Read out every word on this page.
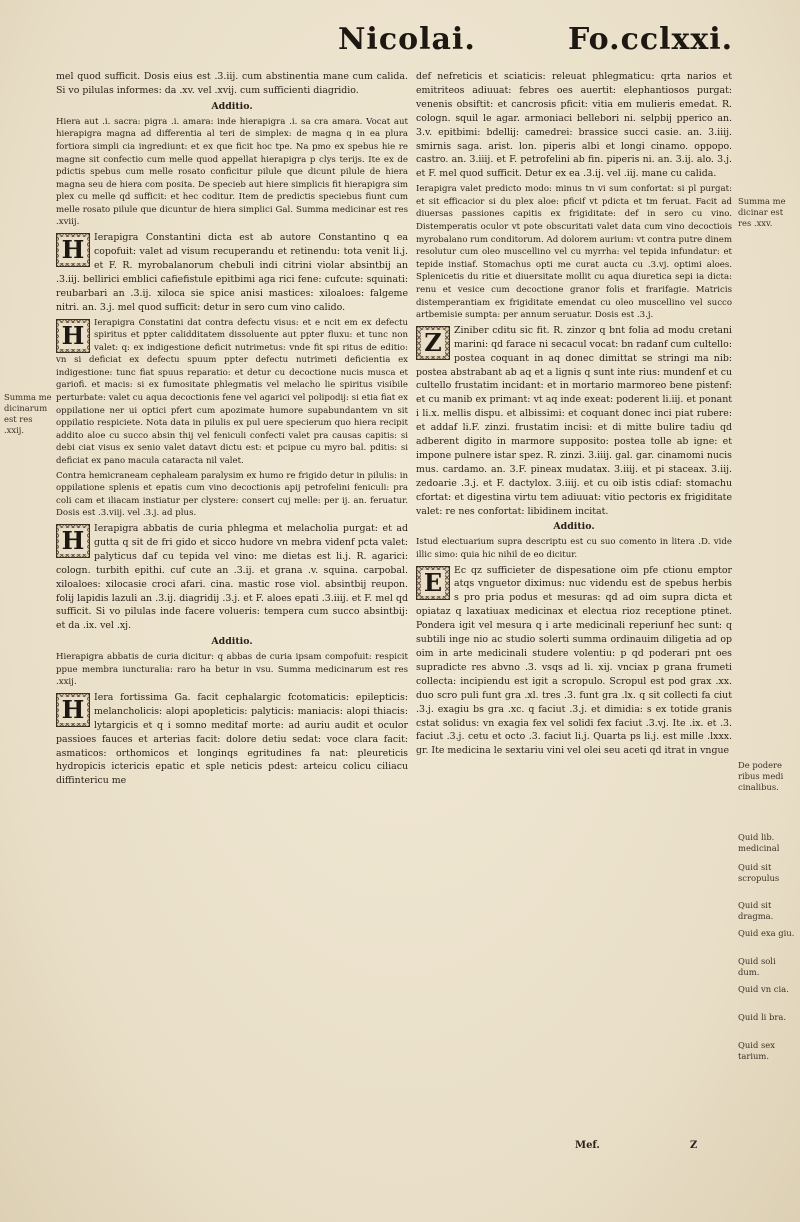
Nicolai.	Fo.cclxxi.

mel quod sufficit. Dosis eius est .3.iij. cum abstinentia mane cum calida. Si vo pilulas informes: da .xv. vel .xvij. cum sufficienti diagridio.

Additio.

Hiera aut .i. sacra: pigra .i. amara: inde hierapigra .i. sa cra amara. Vocat aut hierapigra magna ad differentia al teri de simplex: de magna q in ea plura fortiora simpli cia ingrediunt: et ex que ficit hoc tpe. Na pmo ex spebus hie re magne sit confectio cum melle quod appellat hierapigra p clys terijs. Ite ex de pdictis spebus cum melle rosato conficitur pilule que dicunt pilule de hiera magna seu de hiera com posita. De specieb aut hiere simplicis fit hierapigra sim plex cu melle qd sufficit: et hec coditur. Item de predictis speciebus fiunt cum melle rosato pilule que dicuntur de hiera simplici Gal. Summa medicinar est res .xviij.

H	Ierapigra Constantini dicta est ab autore Constantino q ea copofuit: valet ad visum recuperandu et retinendu: tota venit li.j. et F. R. myrobalanorum chebuli indi citrini violar absintbij an .3.iij. bellirici emblici cafiefistule epitbimi aga rici fene: cufcute: squinati: reubarbari an .3.ij. xiloca sie spice anisi mastices: xiloaloes: falgeme nitri. an. 3.j. mel quod sufficit: detur in sero cum vino calido.

H	Ierapigra Constatini dat contra defectu visus: et e ncit em ex defectu spiritus et ppter calidditatem dissoluente aut ppter fluxu: et tunc non valet: q: ex indigestione deficit nutrimetus: vnde fit spi ritus de editio: vn si deficiat ex defectu spuum ppter defectu nutrimeti deficientia ex indigestione: tunc fiat spuus reparatio: et detur cu decoctione nucis musca et gariofi. et macis: si ex fumositate phlegmatis vel melacho lie spiritus visibile perturbate: valet cu aqua decoctionis fene vel agarici vel polipodij: si etia fiat ex oppilatione ner ui optici pfert cum apozimate humore supabundantem vn sit oppilatio respiciete. Nota data in pilulis ex pul uere specierum quo hiera recipit addito aloe cu succo absin thij vel feniculi confecti valet pra causas capitis: si debi ciat visus ex senio valet datavt dictu est: et pcipue cu myro bal. pditis: si deficiat ex pano macula cataracta nil valet.

Contra hemicraneam cephaleam paralysim ex humo re frigido detur in pilulis: in oppilatione splenis et epatis cum vino decoctionis apij petrofelini feniculi: pra coli cam et iliacam instiatur per clystere: consert cuj melle: per ij. an. feruatur. Dosis est .3.viij. vel .3.j. ad plus.

H	Ierapigra abbatis de curia phlegma et melacholia purgat: et ad gutta q sit de fri gido et sicco hudore vn mebra videnf pcta valet: palyticus daf cu tepida vel vino: me dietas est li.j. R. agarici: cologn. turbith epithi. cuf cute an .3.ij. et grana .v. squina. carpobal. xiloaloes: xilocasie croci afari. cina. mastic rose viol. absintbij reupon. folij lapidis lazuli an .3.ij. diagridij .3.j. et F. aloes epati .3.iiij. et F. mel qd sufficit. Si vo pilulas inde facere volueris: tempera cum succo absintbij: et da .ix. vel .xj.

Additio.

Hierapigra abbatis de curia dicitur: q abbas de curia ipsam compofuit: respicit ppue membra iuncturalia: raro ha betur in vsu. Summa medicinarum est res .xxij.

H	Iera fortissima Ga. facit cephalargic fcotomaticis: epilepticis: melancholicis: alopi apopleticis: palyticis: maniacis: alopi thiacis: lytargicis et q i somno meditaf morte: ad auriu audit et oculor passioes fauces et arterias facit: dolore detiu sedat: voce clara facit: asmaticos: orthomicos et longinqs egritudines fa nat: pleureticis hydropicis ictericis epatic et sple neticis pdest: arteicu colicu ciliacu diffintericu me

def nefreticis et sciaticis: releuat phlegmaticu: qrta narios et emitriteos adiuuat: febres oes auertit: elephantiosos purgat: venenis obsiftit: et cancrosis pficit: vitia em mulieris emedat. R. cologn. squil le agar. armoniaci bellebori ni. selpbij pperico an. 3.v. epitbimi: bdellij: camedrei: brassice succi casie. an. 3.iiij. smirnis saga. arist. lon. piperis albi et longi cinamo. oppopo. castro. an. 3.iiij. et F. petrofelini ab fin. piperis ni. an. 3.ij. alo. 3.j. et F. mel quod sufficit. Detur ex ea .3.ij. vel .iij. mane cu calida.

Ierapigra valet predicto modo: minus tn vi sum confortat: si pl purgat: et sit efficacior si du plex aloe: pficif vt pdicta et tm feruat. Facit ad diuersas passiones capitis ex frigiditate: def in sero cu vino. Distemperatis oculor vt pote obscuritati valet data cum vino decoctiois myrobalano rum conditorum. Ad dolorem aurium: vt contra putre dinem resolutur cum oleo muscellino vel cu myrrha: vel tepida infundatur: et tepide instiaf. Stomachus opti me curat aucta cu .3.vj. optimi aloes. Splenicetis du ritie et diuersitate mollit cu aqua diuretica sepi ia dicta: renu et vesice cum decoctione granor folis et frarifagie. Matricis distemperantiam ex frigiditate emendat cu oleo muscellino vel succo artbemisie sumpta: per annum seruatur. Dosis est .3.j.

Z	Ziniber cditu sic fit. R. zinzor q bnt folia ad modu cretani marini: qd farace ni secacul vocat: bn radanf cum cultello: postea coquant in aq donec dimittat se stringi ma nib: postea abstrabant ab aq et a lignis q sunt inte rius: mundenf et cu cultello frustatim incidant: et in mortario marmoreo bene pistenf: et cu manib ex primant: vt aq inde exeat: poderent li.iij. et ponant i li.x. mellis dispu. et albissimi: et coquant donec inci piat rubere: et addaf li.F. zinzi. frustatim incisi: et di mitte bulire tadiu qd adberent digito in marmore supposito: postea tolle ab igne: et impone pulnere istar spez. R. zinzi. 3.iiij. gal. gar. cinamomi nucis mus. cardamo. an. 3.F. pineax mudatax. 3.iiij. et pi staceax. 3.iij. zedoarie .3.j. et F. dactylox. 3.iiij. et cu oib istis cdiaf: stomachu cfortat: et digestina virtu tem adiuuat: vitio pectoris ex frigiditate valet: re nes confortat: libidinem incitat.

Additio.

Istud electuarium supra descriptu est cu suo comento in litera .D. vide illic simo: quia hic nihil de eo dicitur.

E	Ec qz sufficieter de dispesatione oim pfe ctionu emptor atqs vnguetor diximus: nuc videndu est de spebus herbis s pro pria podus et mesuras: qd ad oim supra dicta et opiataz q laxatiuax medicinax et electua rioz receptione ptinet. Pondera igit vel mesura q i arte medicinali reperiunf hec sunt: q subtili inge nio ac studio solerti summa ordinauim diligetia ad op oim in arte medicinali studere volentiu: p qd poderari pnt oes supradicte res abvno .3. vsqs ad li. xij. vnciax p grana frumeti collecta: incipiendu est igit a scropulo. Scropul est pod grax .xx. duo scro puli funt gra .xl. tres .3. funt gra .lx. q sit collecti fa ciut .3.j. exagiu bs gra .xc. q faciut .3.j. et dimidia: s ex totide granis cstat solidus: vn exagia fex vel solidi fex faciut .3.vj. Ite .ix. et .3. faciut .3.j. cetu et octo .3. faciut li.j. Quarta ps li.j. est mille .lxxx. gr. Ite medicina le sextariu vini vel olei seu aceti qd itrat in vngue

Summa me dicinarum est res .xxij.
Summa me dicinar est res .xxv.
De podere ribus medi cinalibus.
Quid lib. medicinal
Quid sit scropulus
Quid sit dragma.
Quid exa giu.
Quid soli dum.
Quid vn cia.
Quid li bra.
Quid sex tarium.
Mef.	Z
